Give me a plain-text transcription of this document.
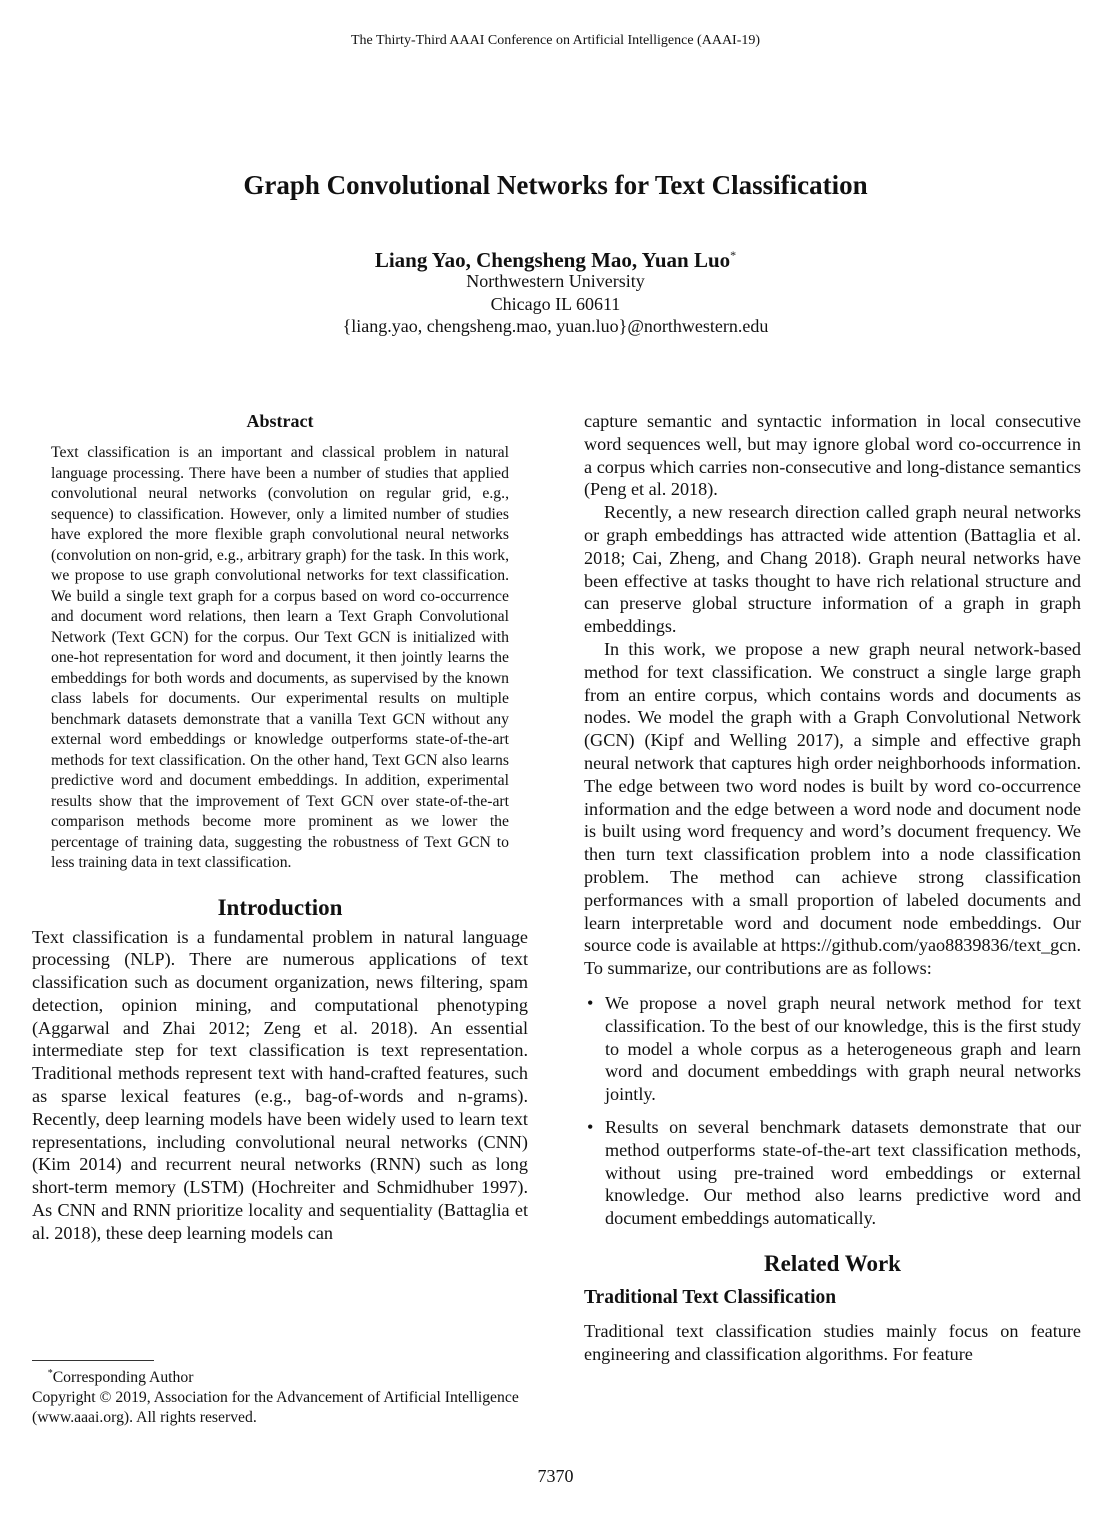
The Thirty-Third AAAI Conference on Artificial Intelligence (AAAI-19)
Graph Convolutional Networks for Text Classification
Liang Yao, Chengsheng Mao, Yuan Luo*
Northwestern University
Chicago IL 60611
{liang.yao, chengsheng.mao, yuan.luo}@northwestern.edu
Abstract

Text classification is an important and classical problem in natural language processing. There have been a number of studies that applied convolutional neural networks (convolution on regular grid, e.g., sequence) to classification. However, only a limited number of studies have explored the more flexible graph convolutional neural networks (convolution on non-grid, e.g., arbitrary graph) for the task. In this work, we propose to use graph convolutional networks for text classification. We build a single text graph for a corpus based on word co-occurrence and document word relations, then learn a Text Graph Convolutional Network (Text GCN) for the corpus. Our Text GCN is initialized with one-hot representation for word and document, it then jointly learns the embeddings for both words and documents, as supervised by the known class labels for documents. Our experimental results on multiple benchmark datasets demonstrate that a vanilla Text GCN without any external word embeddings or knowledge outperforms state-of-the-art methods for text classification. On the other hand, Text GCN also learns predictive word and document embeddings. In addition, experimental results show that the improvement of Text GCN over state-of-the-art comparison methods become more prominent as we lower the percentage of training data, suggesting the robustness of Text GCN to less training data in text classification.

Introduction

Text classification is a fundamental problem in natural language processing (NLP). There are numerous applications of text classification such as document organization, news filtering, spam detection, opinion mining, and computational phenotyping (Aggarwal and Zhai 2012; Zeng et al. 2018). An essential intermediate step for text classification is text representation. Traditional methods represent text with hand-crafted features, such as sparse lexical features (e.g., bag-of-words and n-grams). Recently, deep learning models have been widely used to learn text representations, including convolutional neural networks (CNN) (Kim 2014) and recurrent neural networks (RNN) such as long short-term memory (LSTM) (Hochreiter and Schmidhuber 1997). As CNN and RNN prioritize locality and sequentiality (Battaglia et al. 2018), these deep learning models can

capture semantic and syntactic information in local consecutive word sequences well, but may ignore global word co-occurrence in a corpus which carries non-consecutive and long-distance semantics (Peng et al. 2018).

Recently, a new research direction called graph neural networks or graph embeddings has attracted wide attention (Battaglia et al. 2018; Cai, Zheng, and Chang 2018). Graph neural networks have been effective at tasks thought to have rich relational structure and can preserve global structure information of a graph in graph embeddings.

In this work, we propose a new graph neural network-based method for text classification. We construct a single large graph from an entire corpus, which contains words and documents as nodes. We model the graph with a Graph Convolutional Network (GCN) (Kipf and Welling 2017), a simple and effective graph neural network that captures high order neighborhoods information. The edge between two word nodes is built by word co-occurrence information and the edge between a word node and document node is built using word frequency and word’s document frequency. We then turn text classification problem into a node classification problem. The method can achieve strong classification performances with a small proportion of labeled documents and learn interpretable word and document node embeddings. Our source code is available at https://github.com/yao8839836/text_gcn. To summarize, our contributions are as follows:

• We propose a novel graph neural network method for text classification. To the best of our knowledge, this is the first study to model a whole corpus as a heterogeneous graph and learn word and document embeddings with graph neural networks jointly.
• Results on several benchmark datasets demonstrate that our method outperforms state-of-the-art text classification methods, without using pre-trained word embeddings or external knowledge. Our method also learns predictive word and document embeddings automatically.
Related Work
Traditional Text Classification

Traditional text classification studies mainly focus on feature engineering and classification algorithms. For feature

*Corresponding Author
Copyright © 2019, Association for the Advancement of Artificial Intelligence (www.aaai.org). All rights reserved.
7370
